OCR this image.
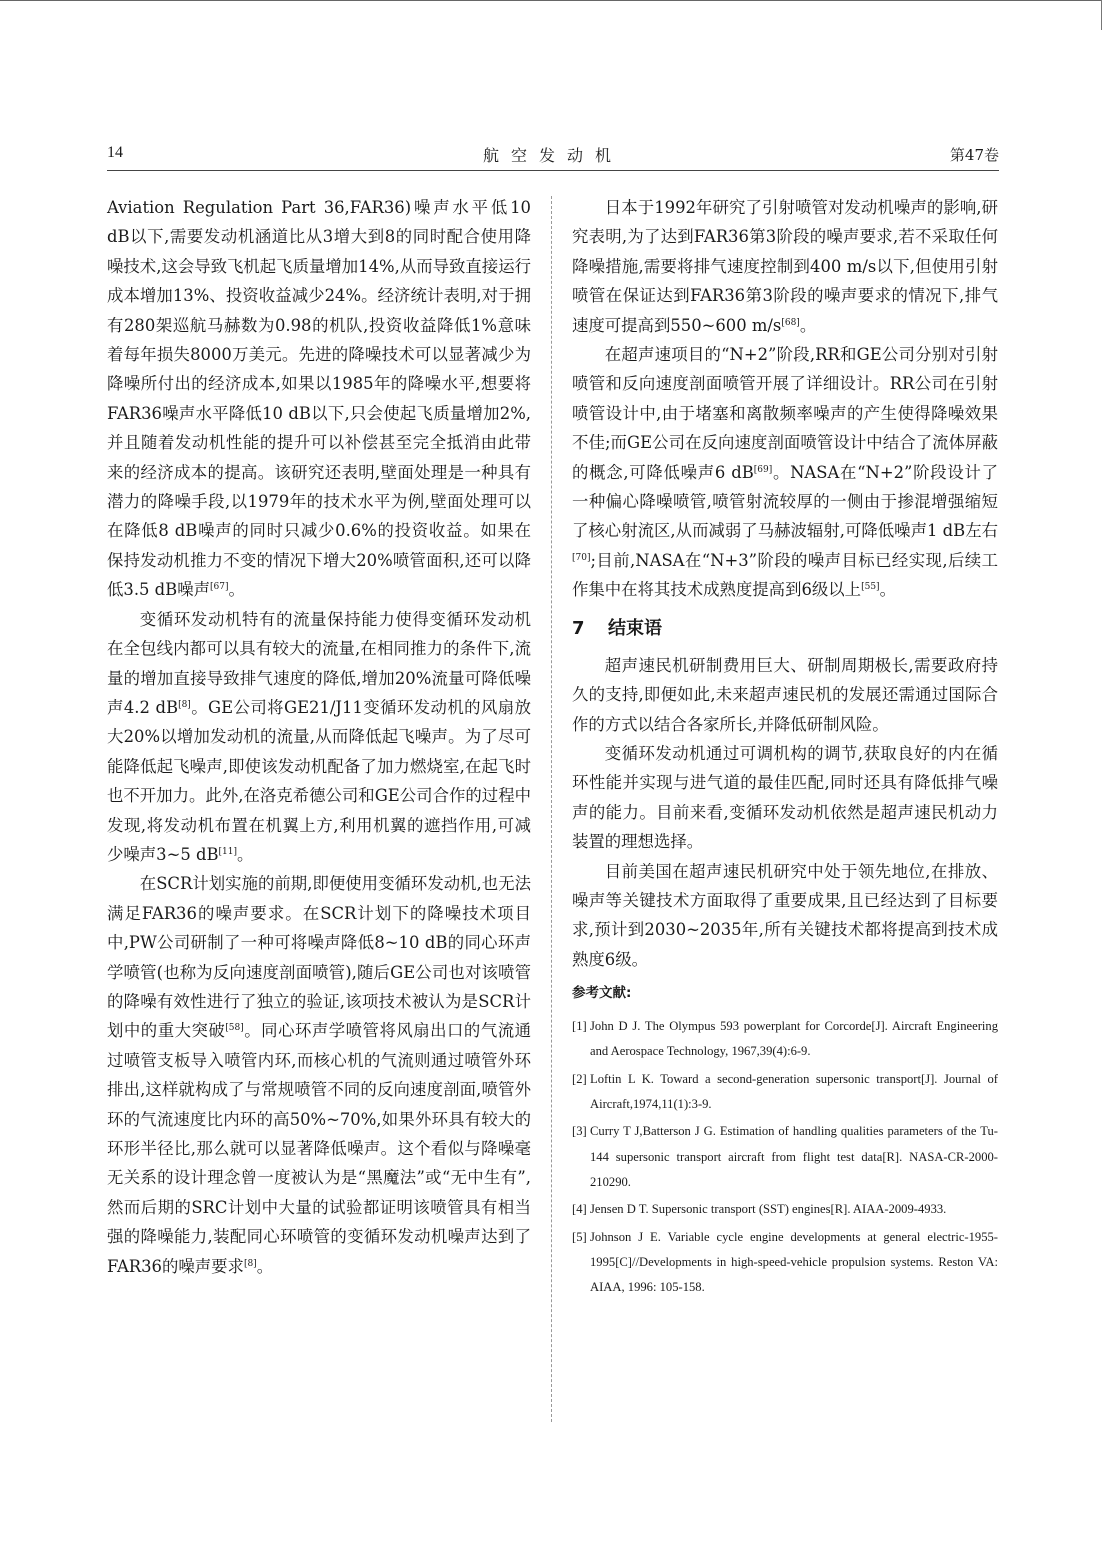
14	航空发动机	第47卷

Aviation Regulation Part 36,FAR36)噪声水平低10 dB以下,需要发动机涵道比从3增大到8的同时配合使用降噪技术,这会导致飞机起飞质量增加14%,从而导致直接运行成本增加13%、投资收益减少24%。经济统计表明,对于拥有280架巡航马赫数为0.98的机队,投资收益降低1%意味着每年损失8000万美元。先进的降噪技术可以显著减少为降噪所付出的经济成本,如果以1985年的降噪水平,想要将FAR36噪声水平降低10 dB以下,只会使起飞质量增加2%,并且随着发动机性能的提升可以补偿甚至完全抵消由此带来的经济成本的提高。该研究还表明,壁面处理是一种具有潜力的降噪手段,以1979年的技术水平为例,壁面处理可以在降低8 dB噪声的同时只减少0.6%的投资收益。如果在保持发动机推力不变的情况下增大20%喷管面积,还可以降低3.5 dB噪声[67]。

变循环发动机特有的流量保持能力使得变循环发动机在全包线内都可以具有较大的流量,在相同推力的条件下,流量的增加直接导致排气速度的降低,增加20%流量可降低噪声4.2 dB[8]。GE公司将GE21/J11变循环发动机的风扇放大20%以增加发动机的流量,从而降低起飞噪声。为了尽可能降低起飞噪声,即使该发动机配备了加力燃烧室,在起飞时也不开加力。此外,在洛克希德公司和GE公司合作的过程中发现,将发动机布置在机翼上方,利用机翼的遮挡作用,可减少噪声3~5 dB[11]。

在SCR计划实施的前期,即便使用变循环发动机,也无法满足FAR36的噪声要求。在SCR计划下的降噪技术项目中,PW公司研制了一种可将噪声降低8~10 dB的同心环声学喷管(也称为反向速度剖面喷管),随后GE公司也对该喷管的降噪有效性进行了独立的验证,该项技术被认为是SCR计划中的重大突破[58]。同心环声学喷管将风扇出口的气流通过喷管支板导入喷管内环,而核心机的气流则通过喷管外环排出,这样就构成了与常规喷管不同的反向速度剖面,喷管外环的气流速度比内环的高50%~70%,如果外环具有较大的环形半径比,那么就可以显著降低噪声。这个看似与降噪毫无关系的设计理念曾一度被认为是“黑魔法”或“无中生有”,然而后期的SRC计划中大量的试验都证明该喷管具有相当强的降噪能力,装配同心环喷管的变循环发动机噪声达到了FAR36的噪声要求[8]。

日本于1992年研究了引射喷管对发动机噪声的影响,研究表明,为了达到FAR36第3阶段的噪声要求,若不采取任何降噪措施,需要将排气速度控制到400 m/s以下,但使用引射喷管在保证达到FAR36第3阶段的噪声要求的情况下,排气速度可提高到550~600 m/s[68]。

在超声速项目的“N+2”阶段,RR和GE公司分别对引射喷管和反向速度剖面喷管开展了详细设计。RR公司在引射喷管设计中,由于堵塞和离散频率噪声的产生使得降噪效果不佳;而GE公司在反向速度剖面喷管设计中结合了流体屏蔽的概念,可降低噪声6 dB[69]。NASA在“N+2”阶段设计了一种偏心降噪喷管,喷管射流较厚的一侧由于掺混增强缩短了核心射流区,从而减弱了马赫波辐射,可降低噪声1 dB左右[70];目前,NASA在“N+3”阶段的噪声目标已经实现,后续工作集中在将其技术成熟度提高到6级以上[55]。

7	结束语

超声速民机研制费用巨大、研制周期极长,需要政府持久的支持,即便如此,未来超声速民机的发展还需通过国际合作的方式以结合各家所长,并降低研制风险。

变循环发动机通过可调机构的调节,获取良好的内在循环性能并实现与进气道的最佳匹配,同时还具有降低排气噪声的能力。目前来看,变循环发动机依然是超声速民机动力装置的理想选择。

目前美国在超声速民机研究中处于领先地位,在排放、噪声等关键技术方面取得了重要成果,且已经达到了目标要求,预计到2030~2035年,所有关键技术都将提高到技术成熟度6级。

参考文献:
[1] John D J. The Olympus 593 powerplant for Corcorde[J]. Aircraft Engineering and Aerospace Technology, 1967,39(4):6-9.
[2] Loftin L K. Toward a second-generation supersonic transport[J]. Journal of Aircraft,1974,11(1):3-9.
[3] Curry T J,Batterson J G. Estimation of handling qualities parameters of the Tu-144 supersonic transport aircraft from flight test data[R]. NASA-CR-2000-210290.
[4] Jensen D T. Supersonic transport (SST) engines[R]. AIAA-2009-4933.
[5] Johnson J E. Variable cycle engine developments at general electric-1955-1995[C]//Developments in high-speed-vehicle propulsion systems. Reston VA: AIAA, 1996: 105-158.
